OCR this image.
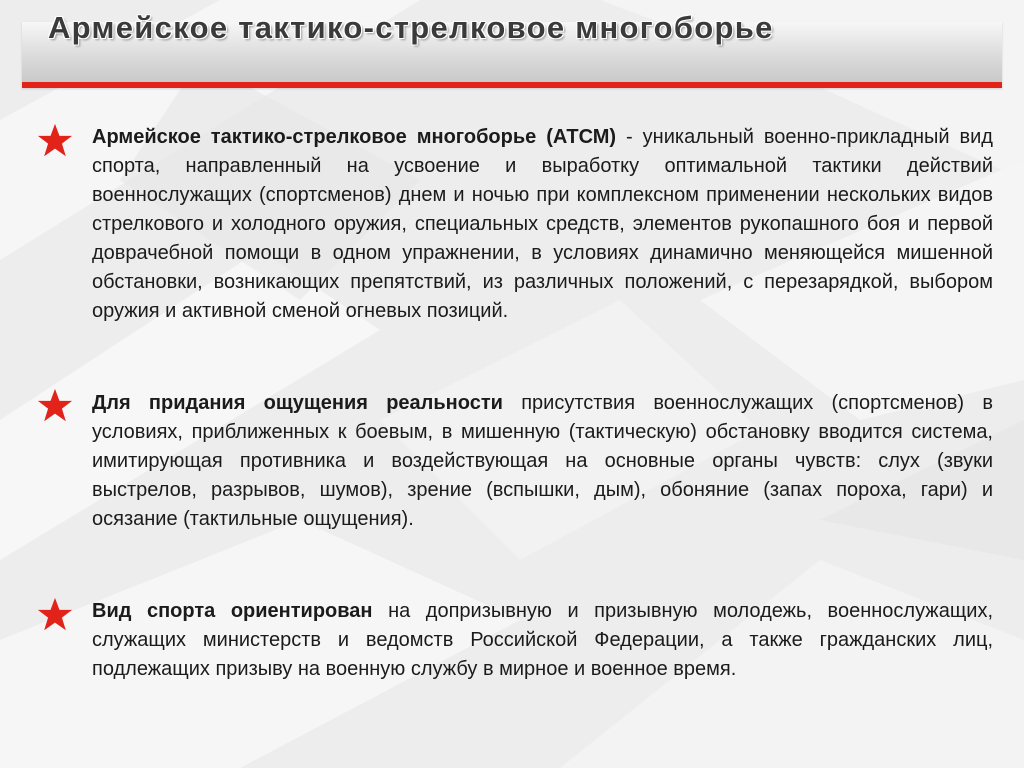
Армейское тактико-стрелковое многоборье

Армейское тактико-стрелковое многоборье (АТСМ) - уникальный военно-прикладный вид спорта, направленный на усвоение и выработку оптимальной тактики действий военнослужащих (спортсменов) днем и ночью при комплексном применении нескольких видов стрелкового и холодного оружия, специальных средств, элементов рукопашного боя и первой доврачебной помощи в одном упражнении, в условиях динамично меняющейся мишенной обстановки, возникающих препятствий, из различных положений, с перезарядкой, выбором оружия и активной сменой огневых позиций.

Для придания ощущения реальности присутствия военнослужащих (спортсменов) в условиях, приближенных к боевым, в мишенную (тактическую) обстановку вводится система, имитирующая противника и воздействующая на основные органы чувств: слух (звуки выстрелов, разрывов, шумов), зрение (вспышки, дым), обоняние (запах пороха, гари) и осязание (тактильные ощущения).

Вид спорта ориентирован на допризывную и призывную молодежь, военнослужащих, служащих министерств и ведомств Российской Федерации, а также гражданских лиц, подлежащих призыву на военную службу в мирное и военное время.
